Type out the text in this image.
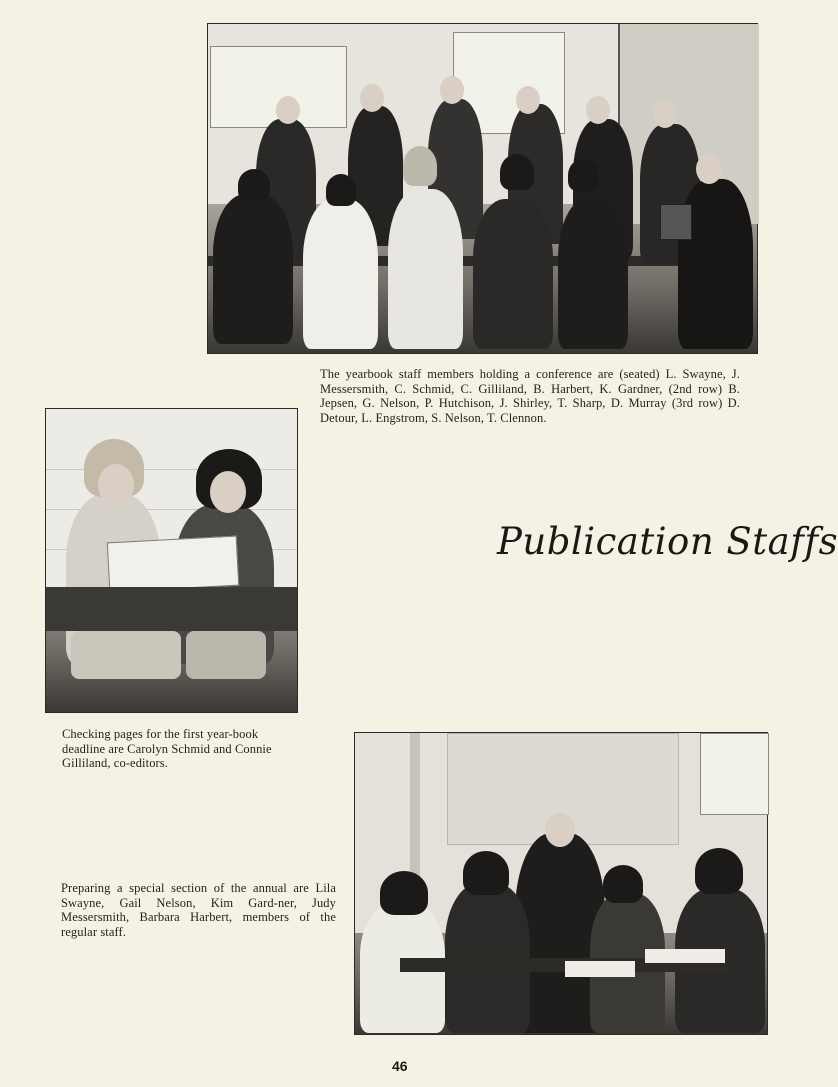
The yearbook staff members holding a conference are (seated) L. Swayne, J. Messersmith, C. Schmid, C. Gilliland, B. Harbert, K. Gardner, (2nd row) B. Jepsen, G. Nelson, P. Hutchison, J. Shirley, T. Sharp, D. Murray (3rd row) D. Detour, L. Engstrom, S. Nelson, T. Clennon.
Checking pages for the first year-book deadline are Carolyn Schmid and Connie Gilliland, co-editors.
Publication Staffs
Preparing a special section of the annual are Lila Swayne, Gail Nelson, Kim Gard-ner, Judy Messersmith, Barbara Harbert, members of the regular staff.
46
